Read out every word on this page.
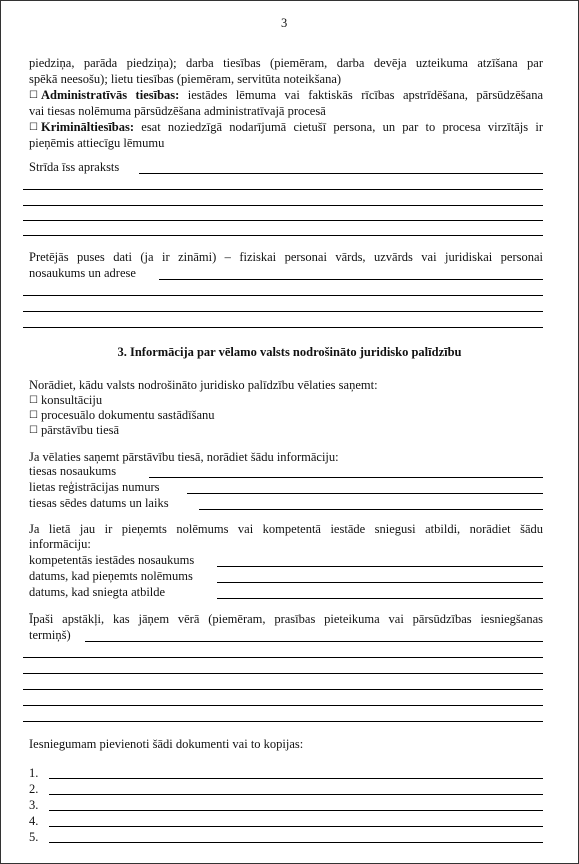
3
piedziņa, parāda piedziņa); darba tiesības (piemēram, darba devēja uzteikuma atzīšana par
spēkā neesošu); lietu tiesības (piemēram, servitūta noteikšana)
☐ Administratīvās tiesības: iestādes lēmuma vai faktiskās rīcības apstrīdēšana, pārsūdzēšana
vai tiesas nolēmuma pārsūdzēšana administratīvajā procesā
☐ Krimināltiesības: esat noziedzīgā nodarījumā cietušī persona, un par to procesa virzītājs ir
pieņēmis attiecīgu lēmumu
Strīda īss apraksts
Pretējās puses dati (ja ir zināmi) – fiziskai personai vārds, uzvārds vai juridiskai personai
nosaukums un adrese
3. Informācija par vēlamo valsts nodrošināto juridisko palīdzību
Norādiet, kādu valsts nodrošināto juridisko palīdzību vēlaties saņemt:
☐ konsultāciju
☐ procesuālo dokumentu sastādīšanu
☐ pārstāvību tiesā
Ja vēlaties saņemt pārstāvību tiesā, norādiet šādu informāciju:
tiesas nosaukums
lietas reģistrācijas numurs
tiesas sēdes datums un laiks
Ja lietā jau ir pieņemts nolēmums vai kompetentā iestāde sniegusi atbildi, norādiet šādu
informāciju:
kompetentās iestādes nosaukums
datums, kad pieņemts nolēmums
datums, kad sniegta atbilde
Īpaši apstākļi, kas jāņem vērā (piemēram, prasības pieteikuma vai pārsūdzības iesniegšanas
termiņš)
Iesniegumam pievienoti šādi dokumenti vai to kopijas:
1.
2.
3.
4.
5.
